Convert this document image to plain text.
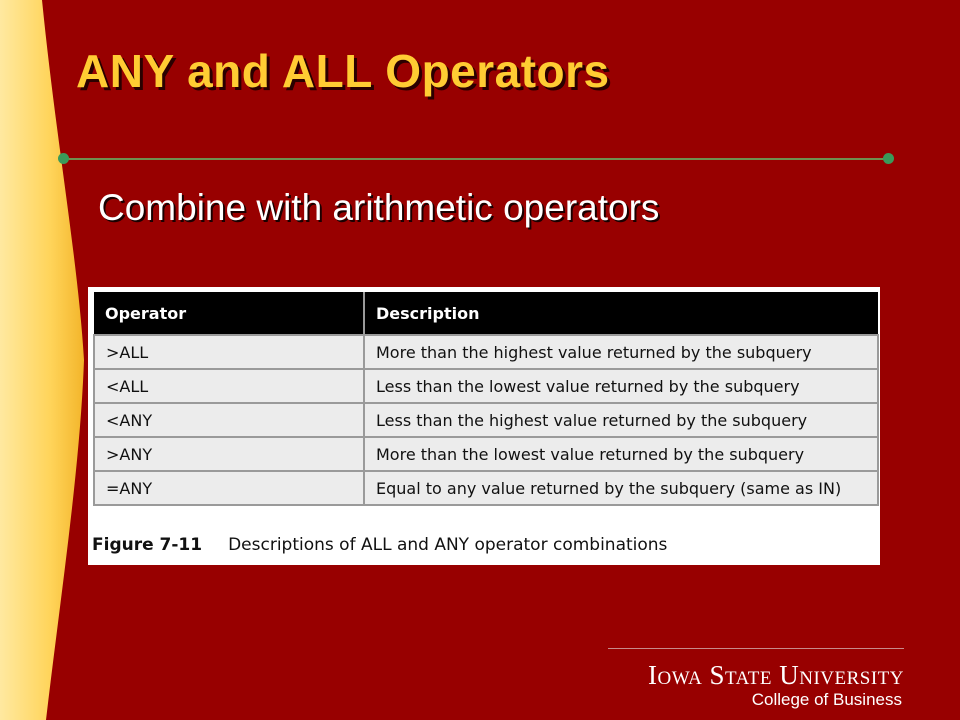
ANY and ALL Operators

Combine with arithmetic operators

Operator	Description
>ALL	More than the highest value returned by the subquery
<ALL	Less than the lowest value returned by the subquery
<ANY	Less than the highest value returned by the subquery
>ANY	More than the lowest value returned by the subquery
=ANY	Equal to any value returned by the subquery (same as IN)

Figure 7-11 Descriptions of ALL and ANY operator combinations

Iowa State University
College of Business
